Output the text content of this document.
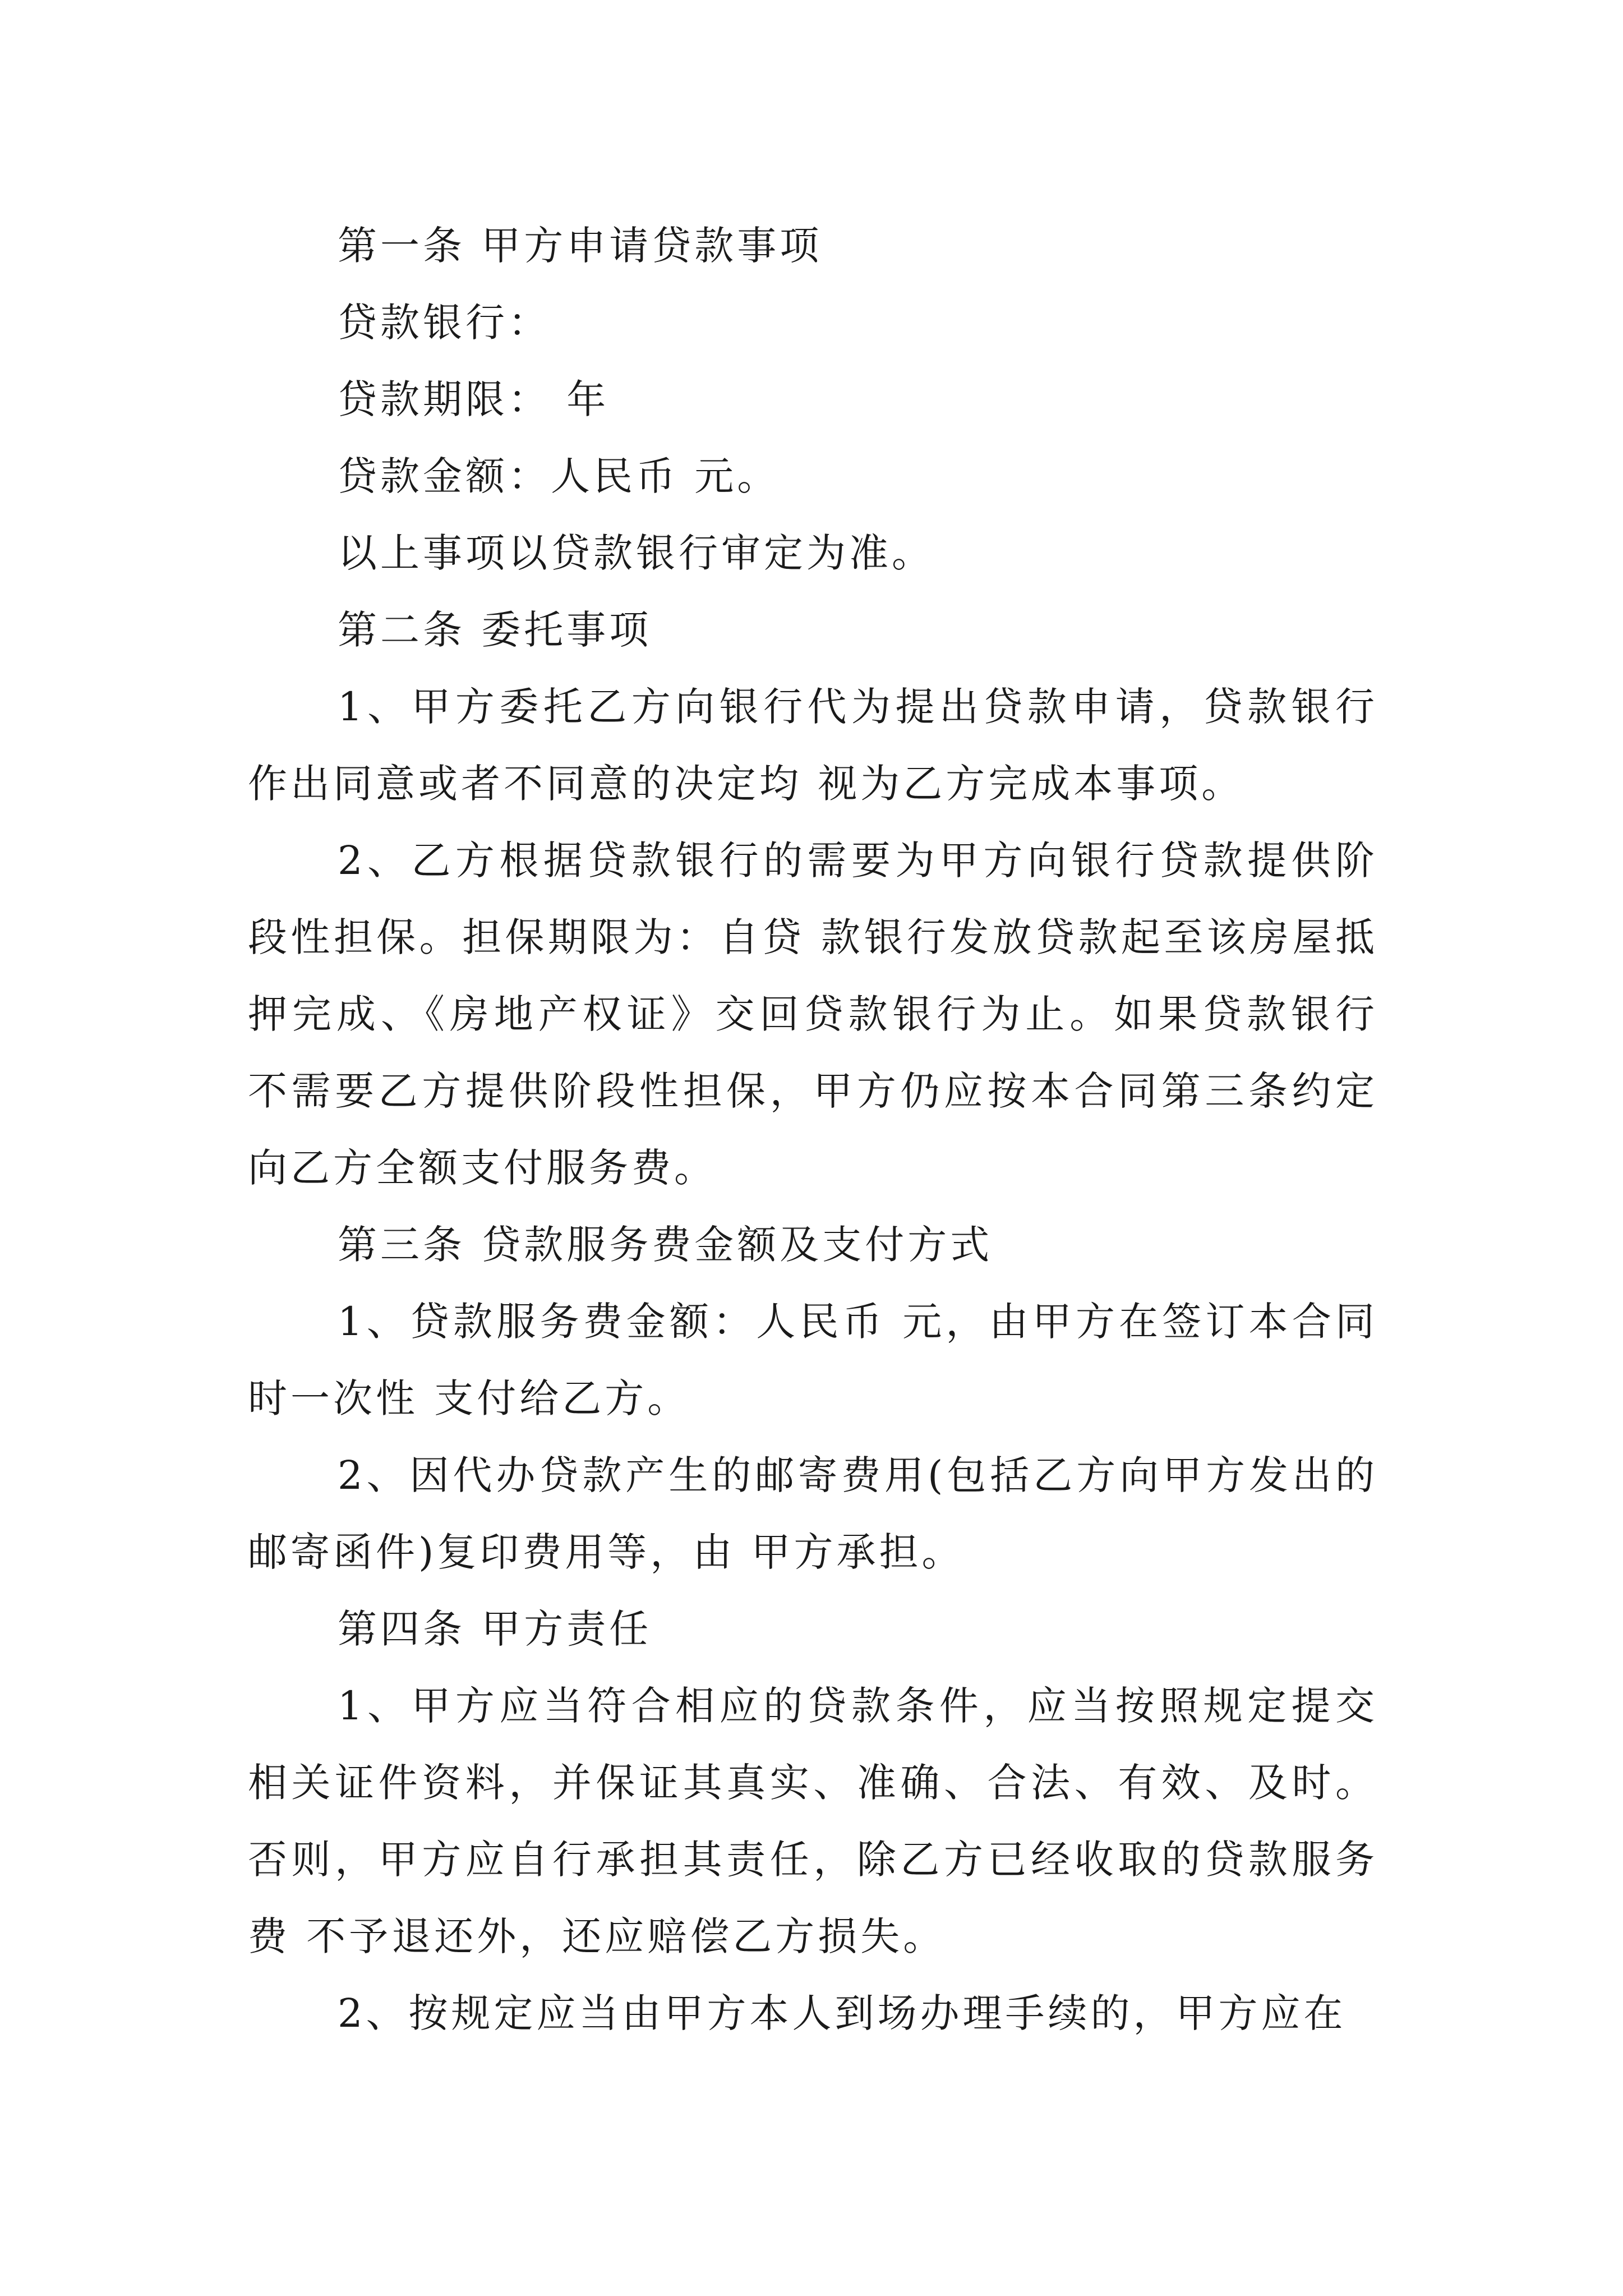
第一条 甲方申请贷款事项

贷款银行：

贷款期限： 年

贷款金额：人民币 元。

以上事项以贷款银行审定为准。

第二条 委托事项

1、甲方委托乙方向银行代为提出贷款申请，贷款银行作出同意或者不同意的决定均 视为乙方完成本事项。

2、乙方根据贷款银行的需要为甲方向银行贷款提供阶段性担保。担保期限为：自贷 款银行发放贷款起至该房屋抵押完成、《房地产权证》交回贷款银行为止。如果贷款银行 不需要乙方提供阶段性担保，甲方仍应按本合同第三条约定向乙方全额支付服务费。

第三条 贷款服务费金额及支付方式

1、贷款服务费金额：人民币 元，由甲方在签订本合同时一次性 支付给乙方。

2、因代办贷款产生的邮寄费用(包括乙方向甲方发出的邮寄函件)复印费用等，由 甲方承担。

第四条 甲方责任

1、甲方应当符合相应的贷款条件，应当按照规定提交相关证件资料，并保证其真实、准确、合法、有效、及时。否则，甲方应自行承担其责任，除乙方已经收取的贷款服务费 不予退还外，还应赔偿乙方损失。

2、按规定应当由甲方本人到场办理手续的，甲方应在
